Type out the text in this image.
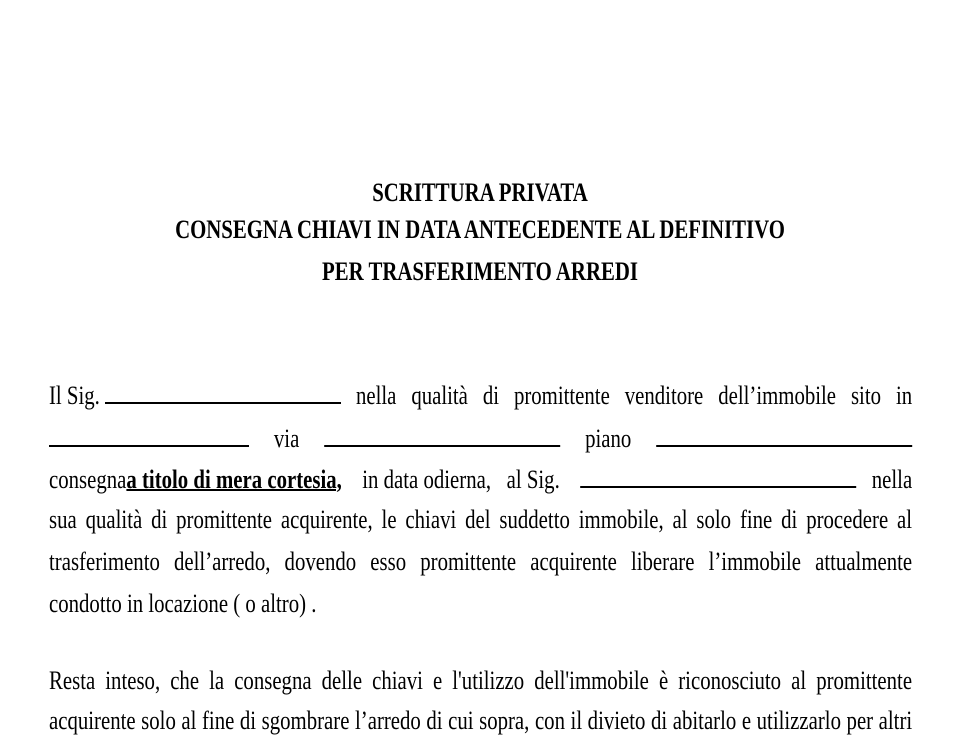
SCRITTURA PRIVATA
CONSEGNA CHIAVI IN DATA ANTECEDENTE AL DEFINITIVO
PER TRASFERIMENTO ARREDI
Il Sig.	nella qualità di promittente venditore dell’immobile sito in
via	piano
consegnaa titolo di mera cortesia, in data odierna,   al Sig.	nella
sua qualità di promittente acquirente, le chiavi del suddetto immobile, al solo fine di procedere al
trasferimento dell’arredo, dovendo esso promittente acquirente liberare l’immobile attualmente
condotto in locazione ( o altro) .
Resta inteso, che la consegna delle chiavi e l'utilizzo dell'immobile è riconosciuto al promittente
acquirente solo al fine di sgombrare l’arredo di cui sopra, con il divieto di abitarlo e utilizzarlo per altri
